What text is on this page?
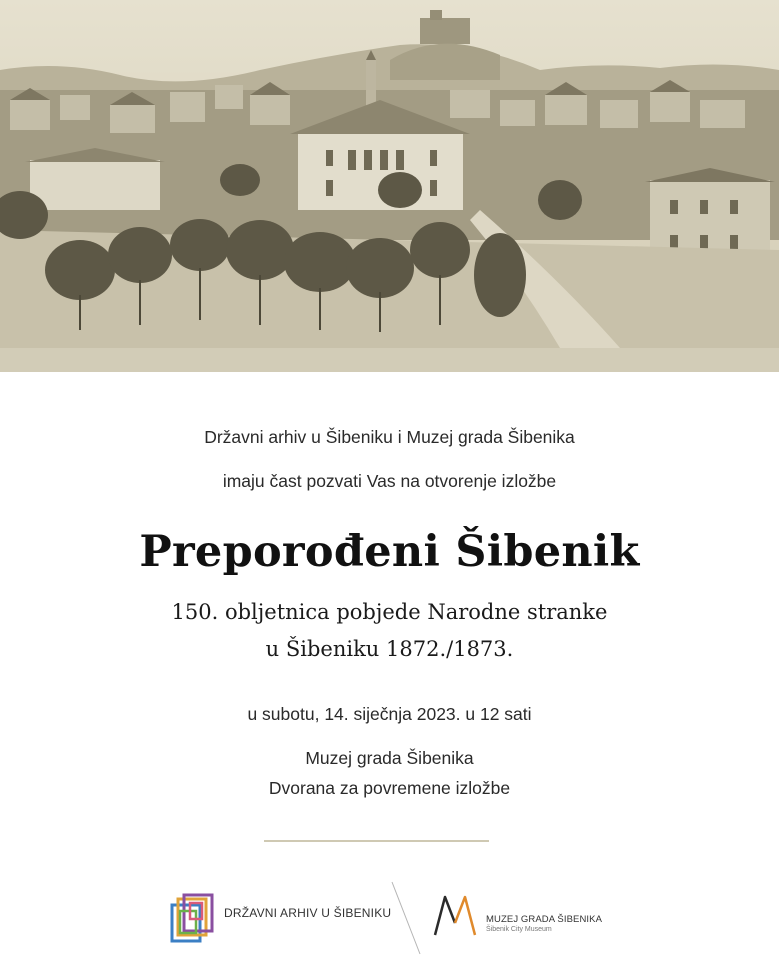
Državni arhiv u Šibeniku i Muzej grada Šibenika

imaju čast pozvati Vas na otvorenje izložbe

Preporođeni Šibenik

150. obljetnica pobjede Narodne stranke

u Šibeniku 1872./1873.

u subotu, 14. siječnja 2023. u 12 sati

Muzej grada Šibenika

Dvorana za povremene izložbe

DRŽAVNI ARHIV U ŠIBENIKU	MUZEJ GRADA ŠIBENIKA
Šibenik City Museum
